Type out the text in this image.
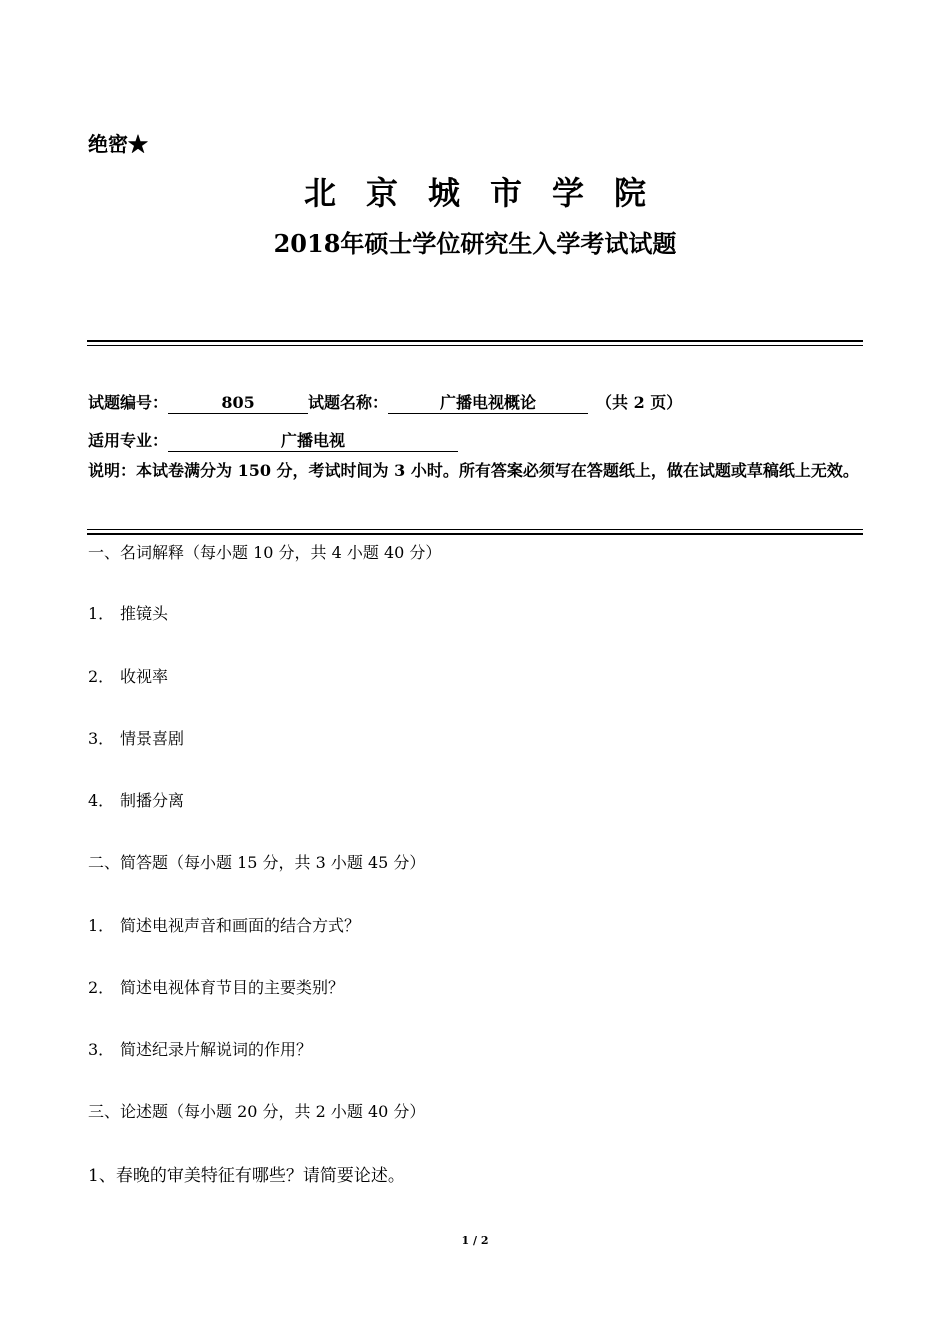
绝密★
北京城市学院
2018年硕士学位研究生入学考试试题
试题编号：	805	试题名称：	广播电视概论	（共 2 页）
适用专业：	广播电视
说明：本试卷满分为 150 分，考试时间为 3 小时。所有答案必须写在答题纸上，做在试题或草稿纸上无效。
一、名词解释（每小题 10 分，共 4 小题 40 分）
1． 推镜头
2． 收视率
3． 情景喜剧
4． 制播分离
二、简答题（每小题 15 分，共 3 小题 45 分）
1． 简述电视声音和画面的结合方式？
2． 简述电视体育节目的主要类别？
3． 简述纪录片解说词的作用？
三、论述题（每小题 20 分，共 2 小题 40 分）
1、春晚的审美特征有哪些？请简要论述。
1 / 2
